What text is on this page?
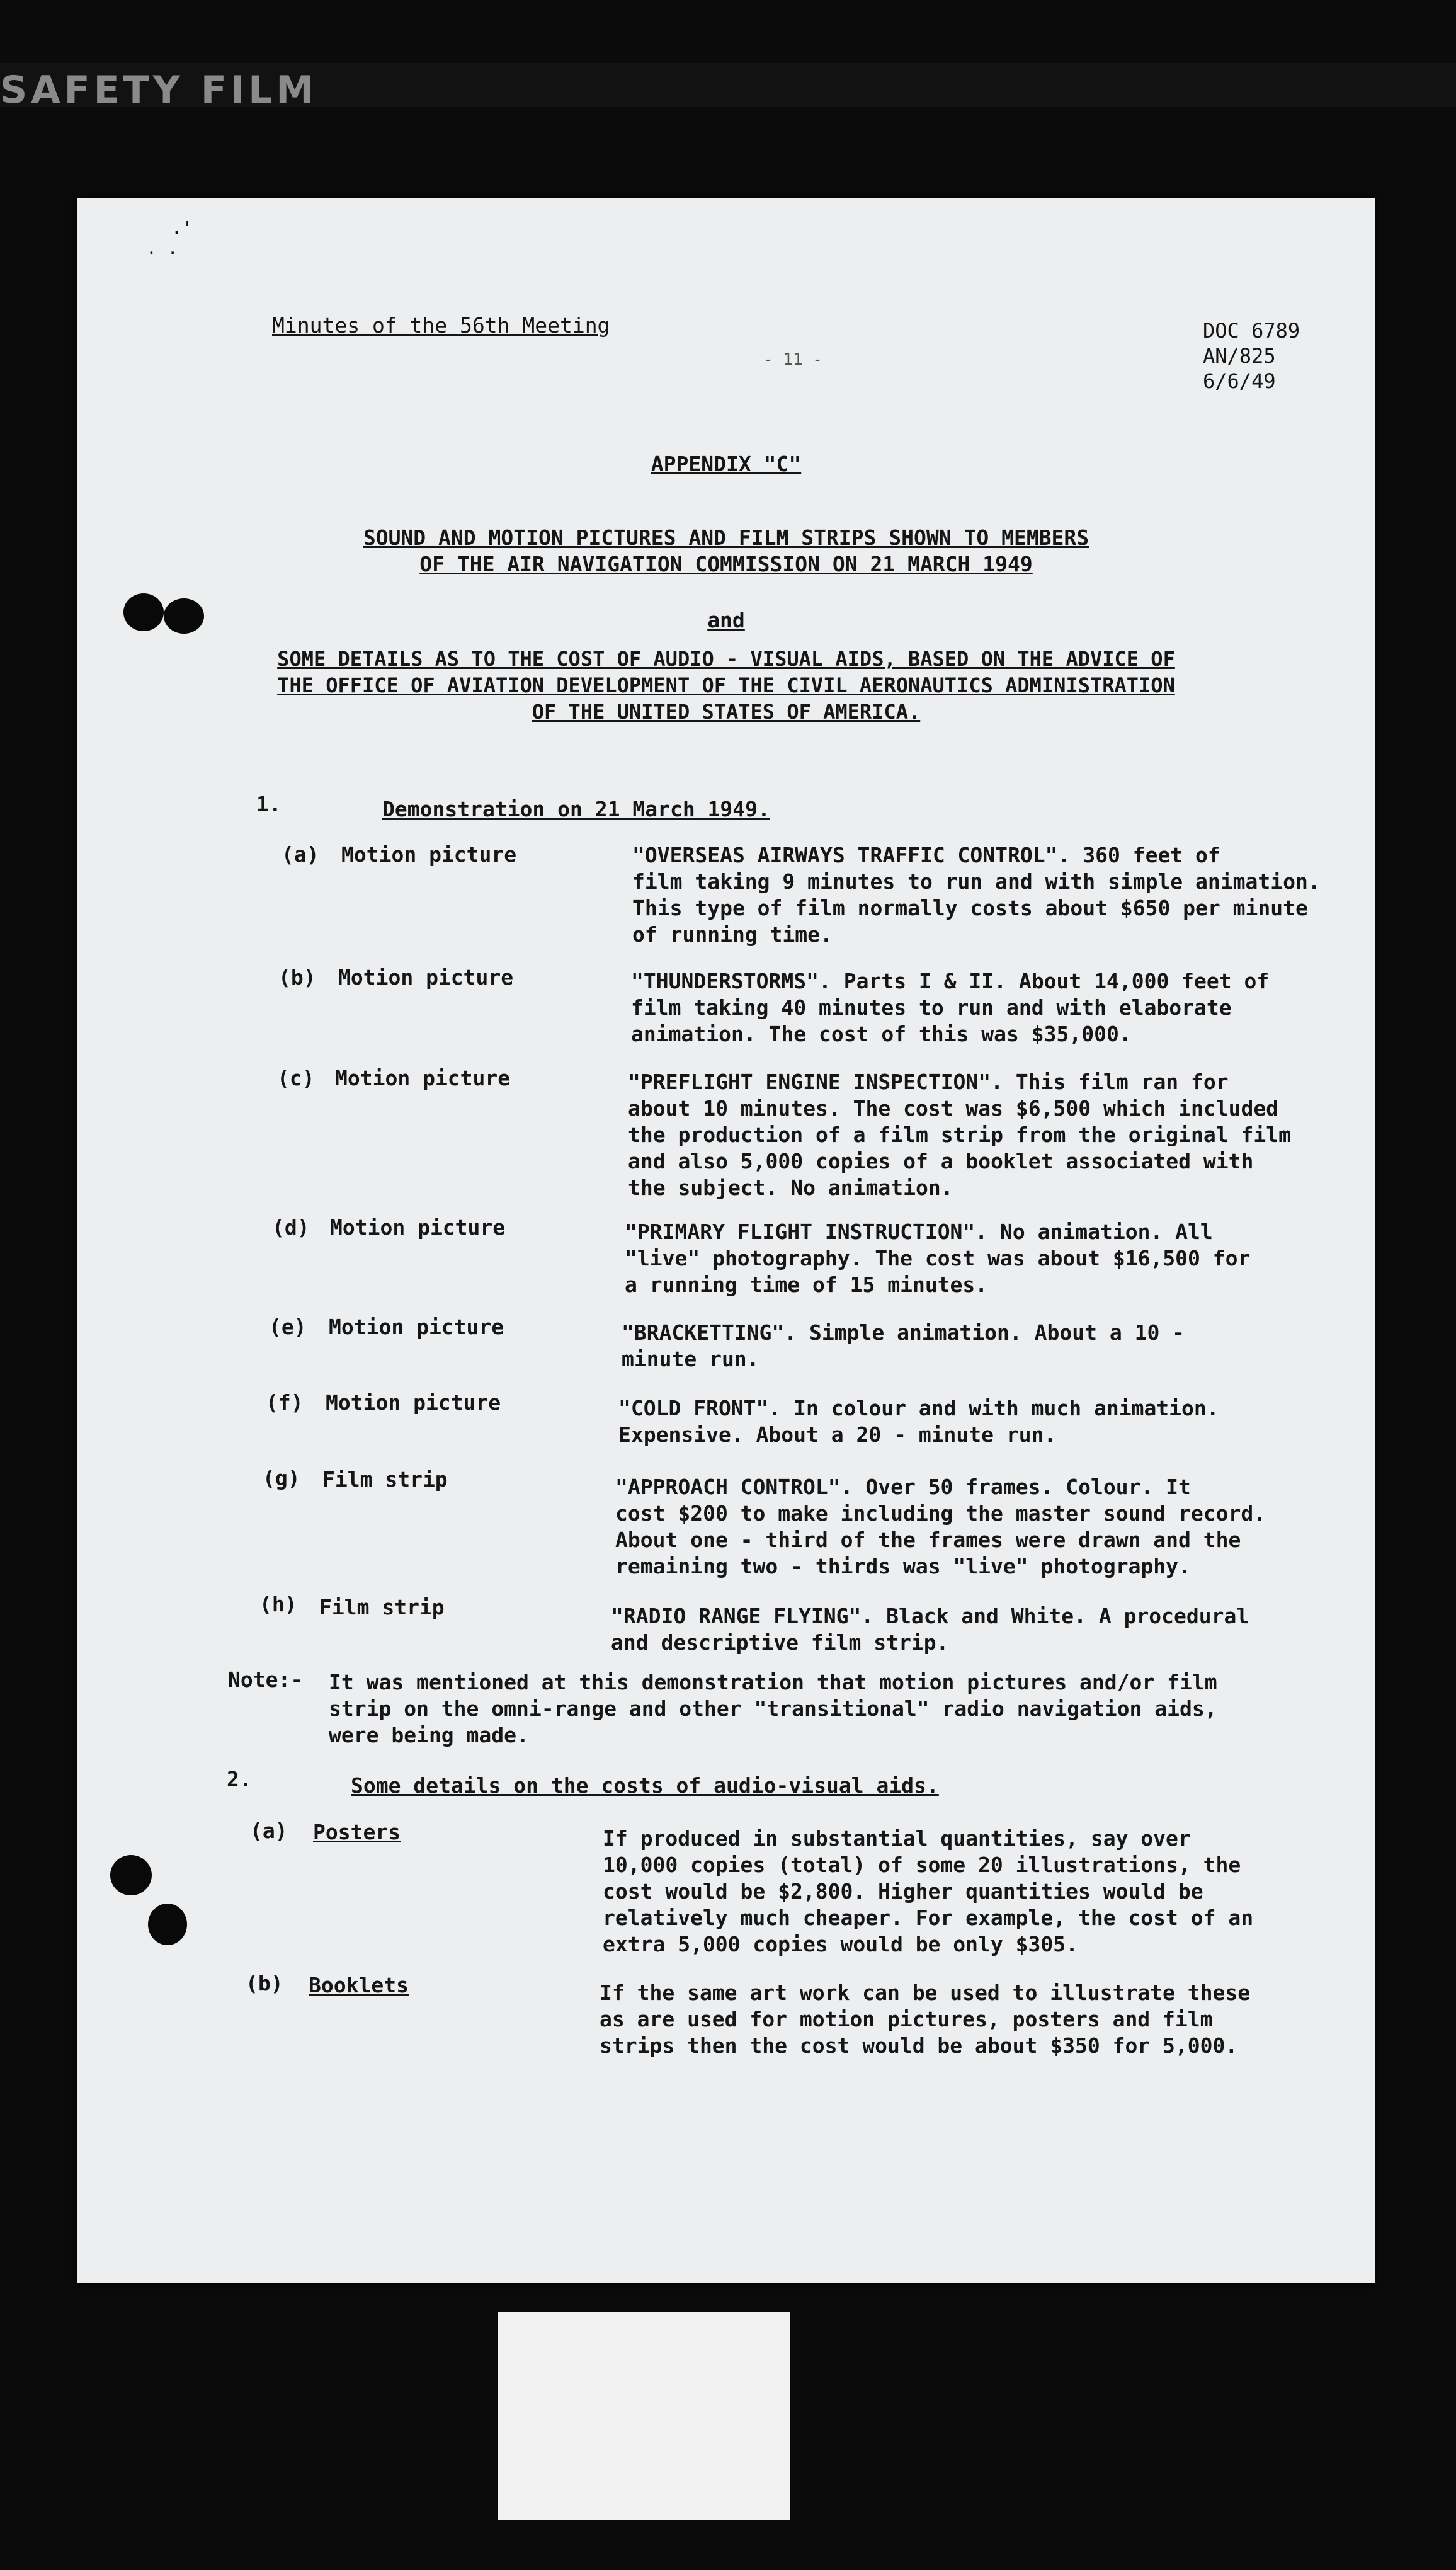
SAFETY FILM
.'
· ·
Minutes of the 56th Meeting
- 11 -
DOC 6789
AN/825
6/6/49
APPENDIX "C"
SOUND AND MOTION PICTURES AND FILM STRIPS SHOWN TO MEMBERS
OF THE AIR NAVIGATION COMMISSION ON 21 MARCH 1949
and
SOME DETAILS AS TO THE COST OF AUDIO - VISUAL AIDS, BASED ON THE ADVICE OF
THE OFFICE OF AVIATION DEVELOPMENT OF THE CIVIL AERONAUTICS ADMINISTRATION
OF THE UNITED STATES OF AMERICA.
1.	Demonstration on 21 March 1949.
(a) Motion picture	"OVERSEAS AIRWAYS TRAFFIC CONTROL". 360 feet of
film taking 9 minutes to run and with simple animation.
This type of film normally costs about $650 per minute
of running time.
(b) Motion picture	"THUNDERSTORMS". Parts I & II. About 14,000 feet of
film taking 40 minutes to run and with elaborate
animation. The cost of this was $35,000.
(c) Motion picture	"PREFLIGHT ENGINE INSPECTION". This film ran for
about 10 minutes. The cost was $6,500 which included
the production of a film strip from the original film
and also 5,000 copies of a booklet associated with
the subject. No animation.
(d) Motion picture	"PRIMARY FLIGHT INSTRUCTION". No animation. All
"live" photography. The cost was about $16,500 for
a running time of 15 minutes.
(e) Motion picture	"BRACKETTING". Simple animation. About a 10 -
minute run.
(f) Motion picture	"COLD FRONT". In colour and with much animation.
Expensive. About a 20 - minute run.
(g) Film strip	"APPROACH CONTROL". Over 50 frames. Colour. It
cost $200 to make including the master sound record.
About one - third of the frames were drawn and the
remaining two - thirds was "live" photography.
(h) Film strip	"RADIO RANGE FLYING". Black and White. A procedural
and descriptive film strip.
Note:- It was mentioned at this demonstration that motion pictures and/or film
strip on the omni-range and other "transitional" radio navigation aids,
were being made.
2.	Some details on the costs of audio-visual aids.
(a) Posters	If produced in substantial quantities, say over
10,000 copies (total) of some 20 illustrations, the
cost would be $2,800. Higher quantities would be
relatively much cheaper. For example, the cost of an
extra 5,000 copies would be only $305.
(b) Booklets	If the same art work can be used to illustrate these
as are used for motion pictures, posters and film
strips then the cost would be about $350 for 5,000.
